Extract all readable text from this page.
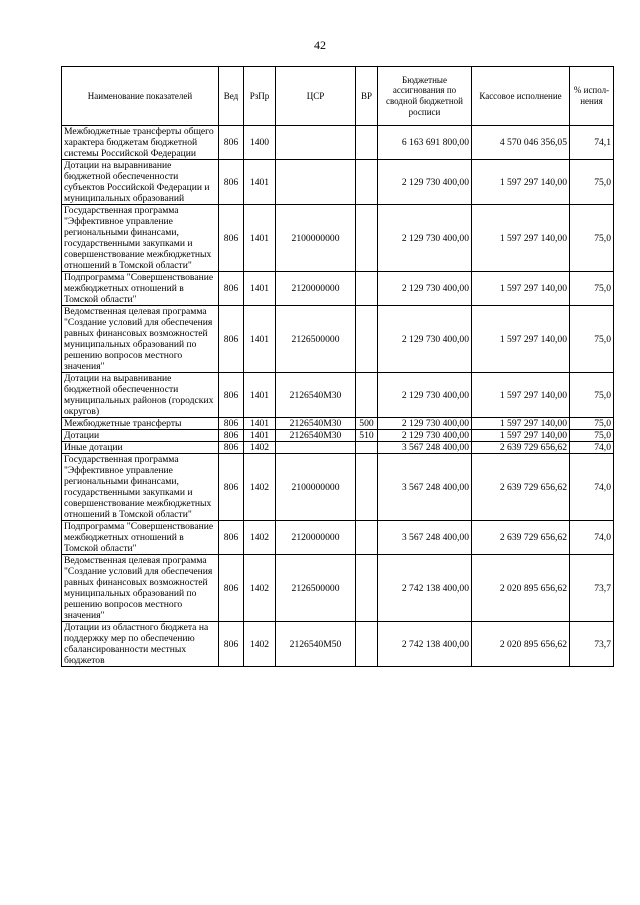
42
Наименование показателей	Вед	РзПр	ЦСР	ВР	Бюджетные ассигнования по сводной бюджетной росписи	Кассовое исполнение	% испол-нения
Межбюджетные трансферты общего характера бюджетам бюджетной системы Российской Федерации	806	1400			6 163 691 800,00	4 570 046 356,05	74,1
Дотации на выравнивание бюджетной обеспеченности субъектов Российской Федерации и муниципальных образований	806	1401			2 129 730 400,00	1 597 297 140,00	75,0
Государственная программа "Эффективное управление региональными финансами, государственными закупками и совершенствование межбюджетных отношений в Томской области"	806	1401	2100000000		2 129 730 400,00	1 597 297 140,00	75,0
Подпрограмма "Совершенствование межбюджетных отношений в Томской области"	806	1401	2120000000		2 129 730 400,00	1 597 297 140,00	75,0
Ведомственная целевая программа "Создание условий для обеспечения равных финансовых возможностей муниципальных образований по решению вопросов местного значения"	806	1401	2126500000		2 129 730 400,00	1 597 297 140,00	75,0
Дотации на выравнивание бюджетной обеспеченности муниципальных районов (городских округов)	806	1401	2126540М30		2 129 730 400,00	1 597 297 140,00	75,0
Межбюджетные трансферты	806	1401	2126540М30	500	2 129 730 400,00	1 597 297 140,00	75,0
Дотации	806	1401	2126540М30	510	2 129 730 400,00	1 597 297 140,00	75,0
Иные дотации	806	1402			3 567 248 400,00	2 639 729 656,62	74,0
Государственная программа "Эффективное управление региональными финансами, государственными закупками и совершенствование межбюджетных отношений в Томской области"	806	1402	2100000000		3 567 248 400,00	2 639 729 656,62	74,0
Подпрограмма "Совершенствование межбюджетных отношений в Томской области"	806	1402	2120000000		3 567 248 400,00	2 639 729 656,62	74,0
Ведомственная целевая программа "Создание условий для обеспечения равных финансовых возможностей муниципальных образований по решению вопросов местного значения"	806	1402	2126500000		2 742 138 400,00	2 020 895 656,62	73,7
Дотации из областного бюджета на поддержку мер по обеспечению сбалансированности местных бюджетов	806	1402	2126540М50		2 742 138 400,00	2 020 895 656,62	73,7
